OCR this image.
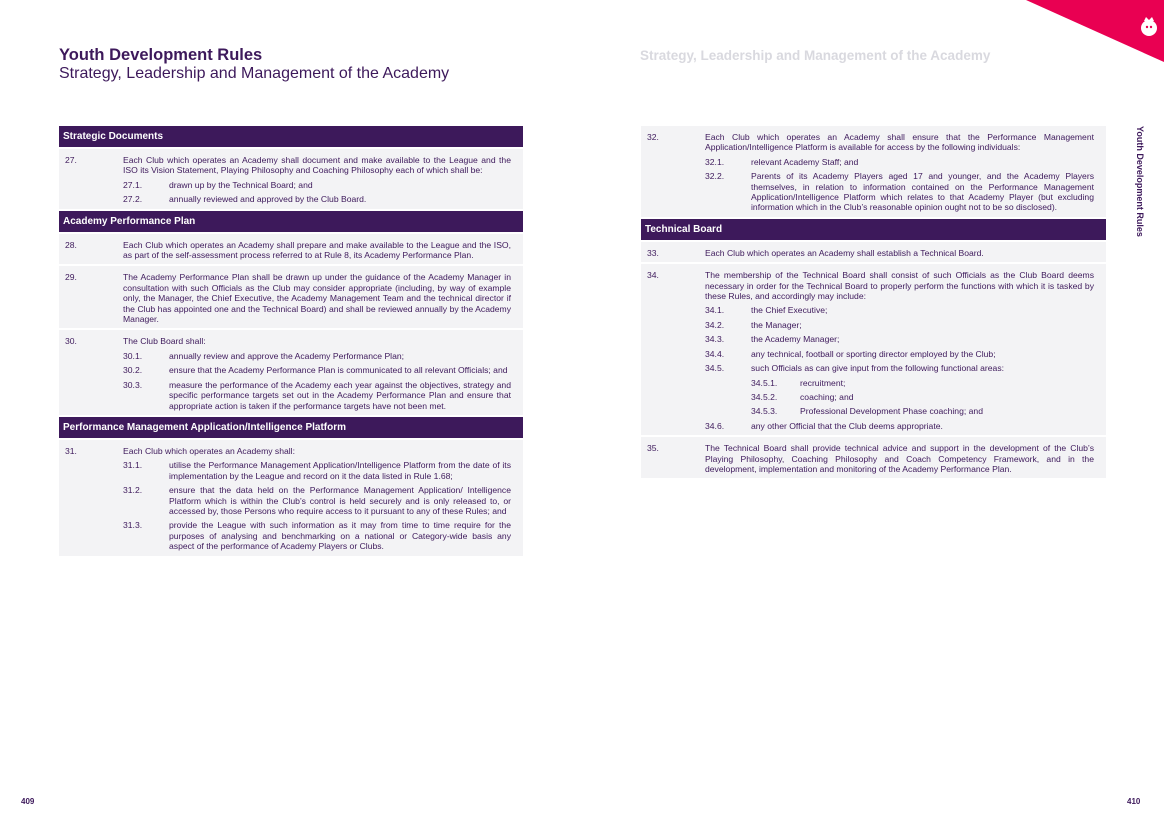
Youth Development Rules
Strategy, Leadership and Management of the Academy
Strategy, Leadership and Management of the Academy
Youth Development Rules
Strategic Documents
27.	Each Club which operates an Academy shall document and make available to the League and the ISO its Vision Statement, Playing Philosophy and Coaching Philosophy each of which shall be:
27.1.	drawn up by the Technical Board; and
27.2.	annually reviewed and approved by the Club Board.
Academy Performance Plan
28.	Each Club which operates an Academy shall prepare and make available to the League and the ISO, as part of the self-assessment process referred to at Rule 8, its Academy Performance Plan.
29.	The Academy Performance Plan shall be drawn up under the guidance of the Academy Manager in consultation with such Officials as the Club may consider appropriate (including, by way of example only, the Manager, the Chief Executive, the Academy Management Team and the technical director if the Club has appointed one and the Technical Board) and shall be reviewed annually by the Academy Manager.
30.	The Club Board shall:
30.1.	annually review and approve the Academy Performance Plan;
30.2.	ensure that the Academy Performance Plan is communicated to all relevant Officials; and
30.3.	measure the performance of the Academy each year against the objectives, strategy and specific performance targets set out in the Academy Performance Plan and ensure that appropriate action is taken if the performance targets have not been met.
Performance Management Application/Intelligence Platform
31.	Each Club which operates an Academy shall:
31.1.	utilise the Performance Management Application/Intelligence Platform from the date of its implementation by the League and record on it the data listed in Rule 1.68;
31.2.	ensure that the data held on the Performance Management Application/ Intelligence Platform which is within the Club’s control is held securely and is only released to, or accessed by, those Persons who require access to it pursuant to any of these Rules; and
31.3.	provide the League with such information as it may from time to time require for the purposes of analysing and benchmarking on a national or Category-wide basis any aspect of the performance of Academy Players or Clubs.
32.	Each Club which operates an Academy shall ensure that the Performance Management Application/Intelligence Platform is available for access by the following individuals:
32.1.	relevant Academy Staff; and
32.2.	Parents of its Academy Players aged 17 and younger, and the Academy Players themselves, in relation to information contained on the Performance Management Application/Intelligence Platform which relates to that Academy Player (but excluding information which in the Club’s reasonable opinion ought not to be so disclosed).
Technical Board
33.	Each Club which operates an Academy shall establish a Technical Board.
34.	The membership of the Technical Board shall consist of such Officials as the Club Board deems necessary in order for the Technical Board to properly perform the functions with which it is tasked by these Rules, and accordingly may include:
34.1.	the Chief Executive;
34.2.	the Manager;
34.3.	the Academy Manager;
34.4.	any technical, football or sporting director employed by the Club;
34.5.	such Officials as can give input from the following functional areas:
34.5.1.	recruitment;
34.5.2.	coaching; and
34.5.3.	Professional Development Phase coaching; and
34.6.	any other Official that the Club deems appropriate.
35.	The Technical Board shall provide technical advice and support in the development of the Club’s Playing Philosophy, Coaching Philosophy and Coach Competency Framework, and in the development, implementation and monitoring of the Academy Performance Plan.
409	410
